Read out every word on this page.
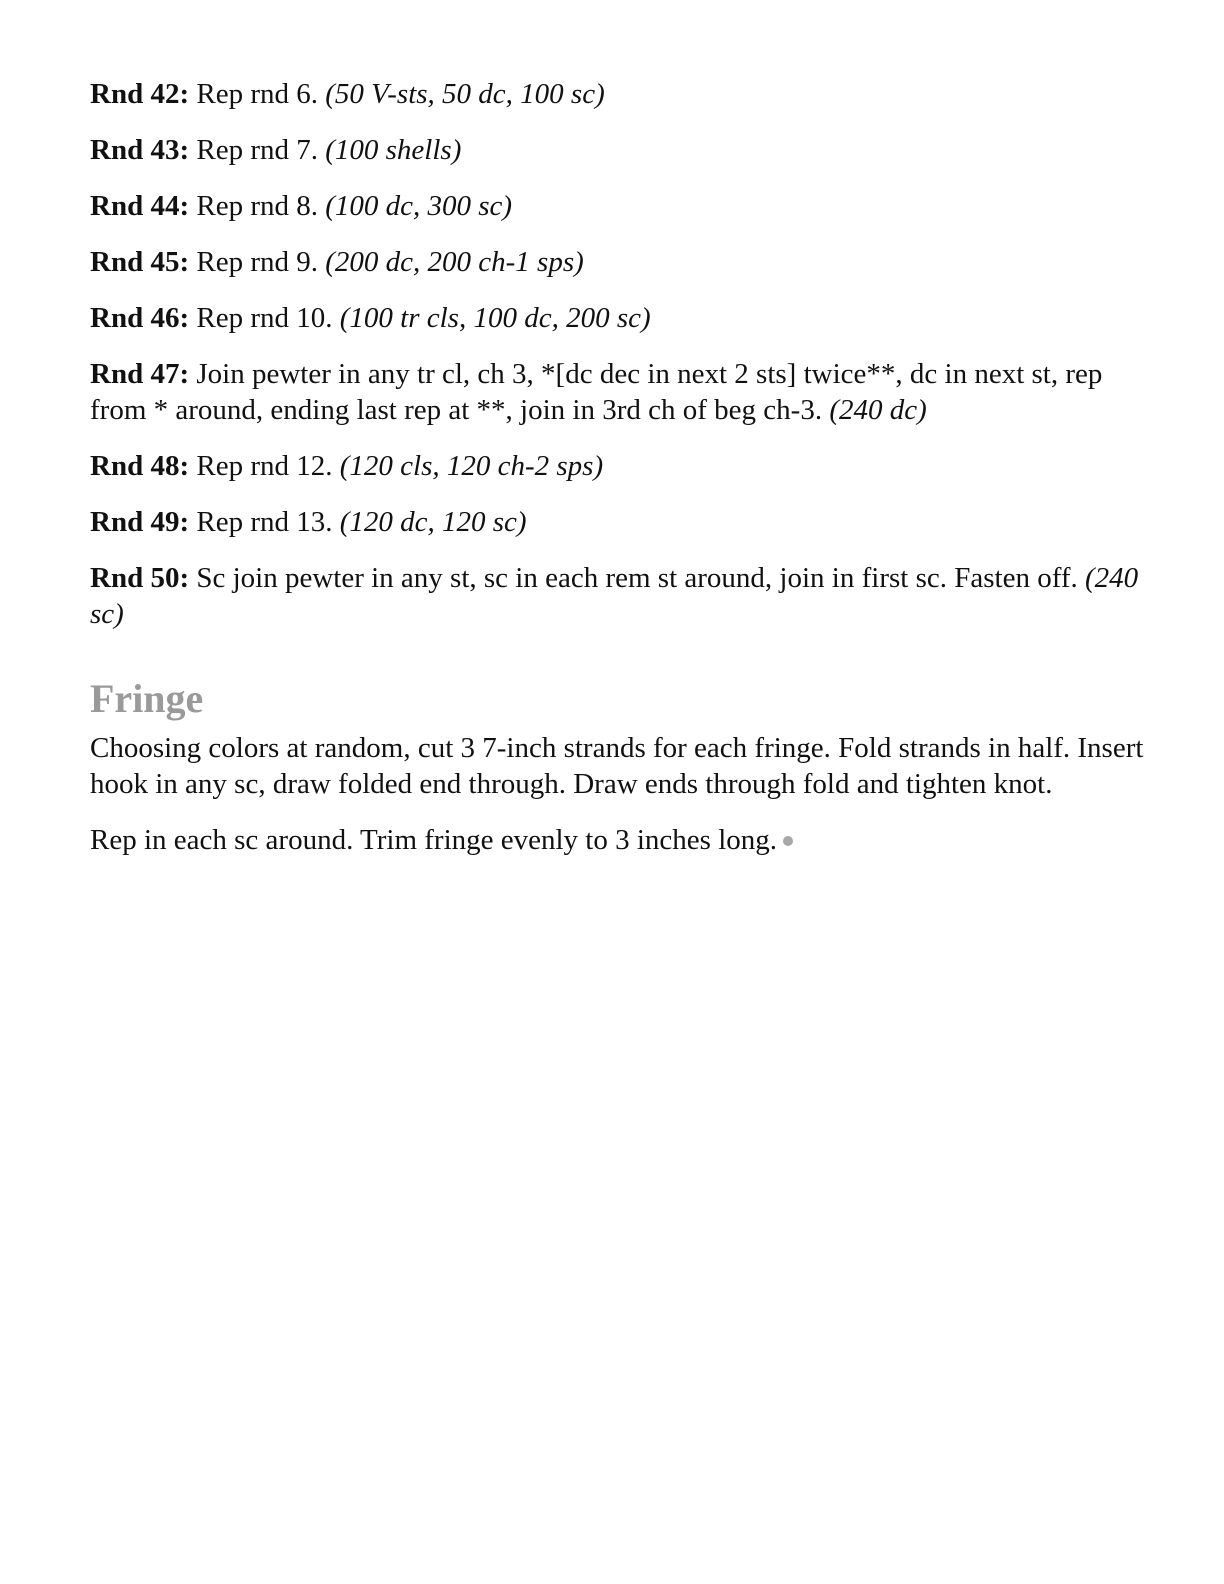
Rnd 42: Rep rnd 6. (50 V-sts, 50 dc, 100 sc)

Rnd 43: Rep rnd 7. (100 shells)

Rnd 44: Rep rnd 8. (100 dc, 300 sc)

Rnd 45: Rep rnd 9. (200 dc, 200 ch-1 sps)

Rnd 46: Rep rnd 10. (100 tr cls, 100 dc, 200 sc)

Rnd 47: Join pewter in any tr cl, ch 3, *[dc dec in next 2 sts] twice**, dc in next st, rep from * around, ending last rep at **, join in 3rd ch of beg ch-3. (240 dc)

Rnd 48: Rep rnd 12. (120 cls, 120 ch-2 sps)

Rnd 49: Rep rnd 13. (120 dc, 120 sc)

Rnd 50: Sc join pewter in any st, sc in each rem st around, join in first sc. Fasten off. (240 sc)

Fringe

Choosing colors at random, cut 3 7-inch strands for each fringe. Fold strands in half. Insert hook in any sc, draw folded end through. Draw ends through fold and tighten knot.

Rep in each sc around. Trim fringe evenly to 3 inches long.
